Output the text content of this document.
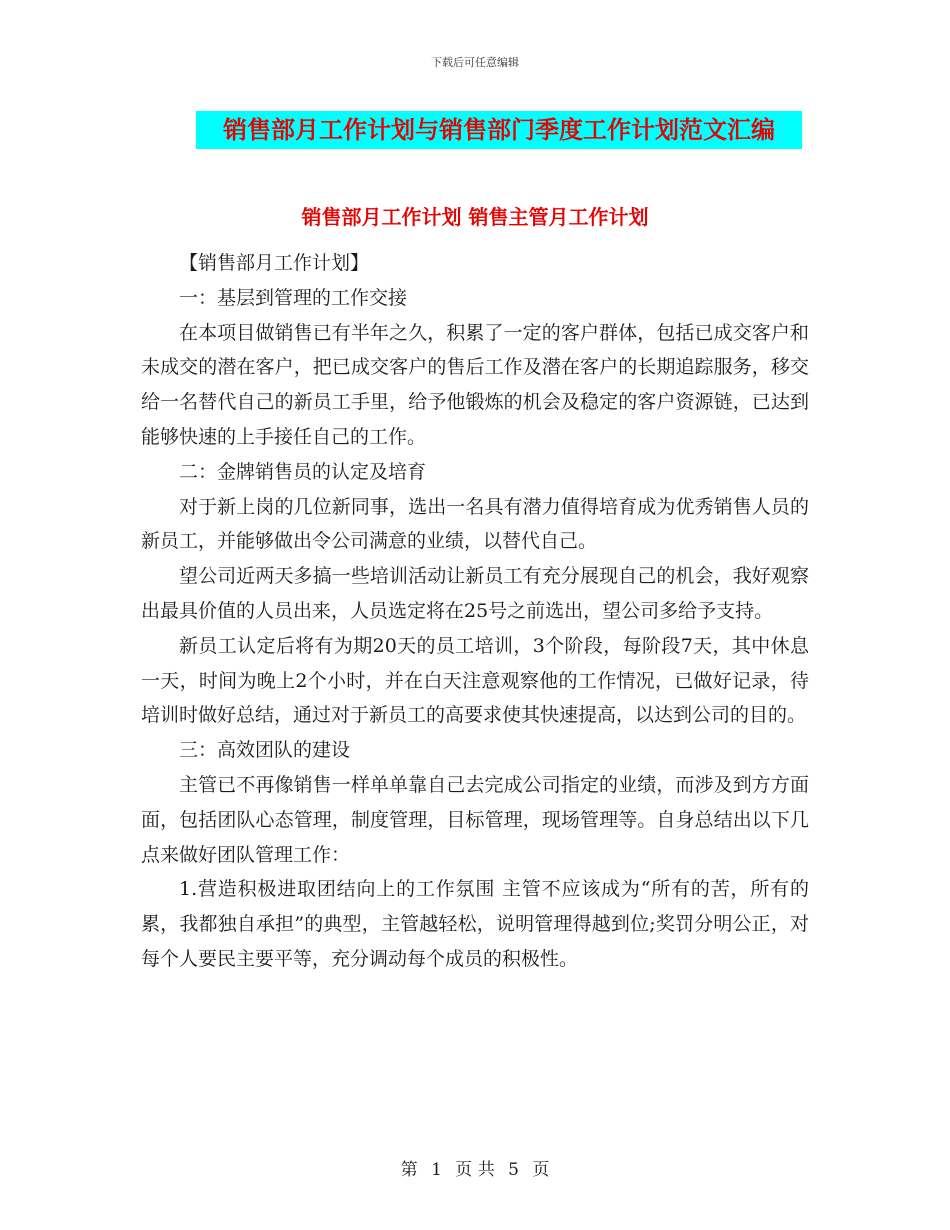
下载后可任意编辑
销售部月工作计划与销售部门季度工作计划范文汇编
销售部月工作计划 销售主管月工作计划

【销售部月工作计划】

一：基层到管理的工作交接

在本项目做销售已有半年之久，积累了一定的客户群体，包括已成交客户和未成交的潜在客户，把已成交客户的售后工作及潜在客户的长期追踪服务，移交给一名替代自己的新员工手里，给予他锻炼的机会及稳定的客户资源链，已达到能够快速的上手接任自己的工作。

二：金牌销售员的认定及培育

对于新上岗的几位新同事，选出一名具有潜力值得培育成为优秀销售人员的新员工，并能够做出令公司满意的业绩，以替代自己。

望公司近两天多搞一些培训活动让新员工有充分展现自己的机会，我好观察出最具价值的人员出来，人员选定将在25号之前选出，望公司多给予支持。

新员工认定后将有为期20天的员工培训，3个阶段，每阶段7天，其中休息一天，时间为晚上2个小时，并在白天注意观察他的工作情况，已做好记录，待培训时做好总结，通过对于新员工的高要求使其快速提高，以达到公司的目的。

三：高效团队的建设

主管已不再像销售一样单单靠自己去完成公司指定的业绩，而涉及到方方面面，包括团队心态管理，制度管理，目标管理，现场管理等。自身总结出以下几点来做好团队管理工作：

1.营造积极进取团结向上的工作氛围 主管不应该成为“所有的苦，所有的累，我都独自承担”的典型，主管越轻松，说明管理得越到位;奖罚分明公正，对每个人要民主要平等，充分调动每个成员的积极性。

第 1 页 共 5 页
